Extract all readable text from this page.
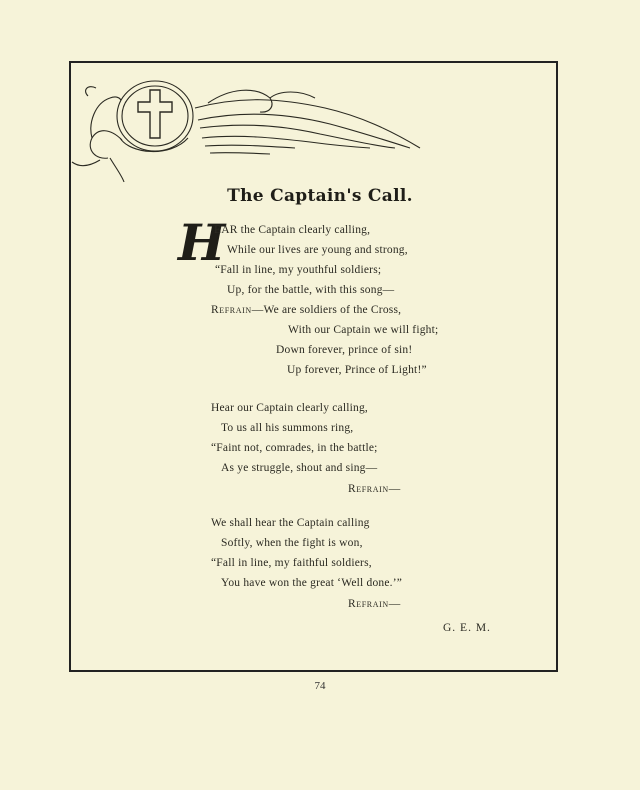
The Captain's Call.
H
EAR the Captain clearly calling,
While our lives are young and strong,
“Fall in line, my youthful soldiers;
Up, for the battle, with this song—
Refrain—We are soldiers of the Cross,
With our Captain we will fight;
Down forever, prince of sin!
Up forever, Prince of Light!”
Hear our Captain clearly calling,
To us all his summons ring,
“Faint not, comrades, in the battle;
As ye struggle, shout and sing—
Refrain—
We shall hear the Captain calling
Softly, when the fight is won,
“Fall in line, my faithful soldiers,
You have won the great ‘Well done.’”
Refrain—
G. E. M.
74
